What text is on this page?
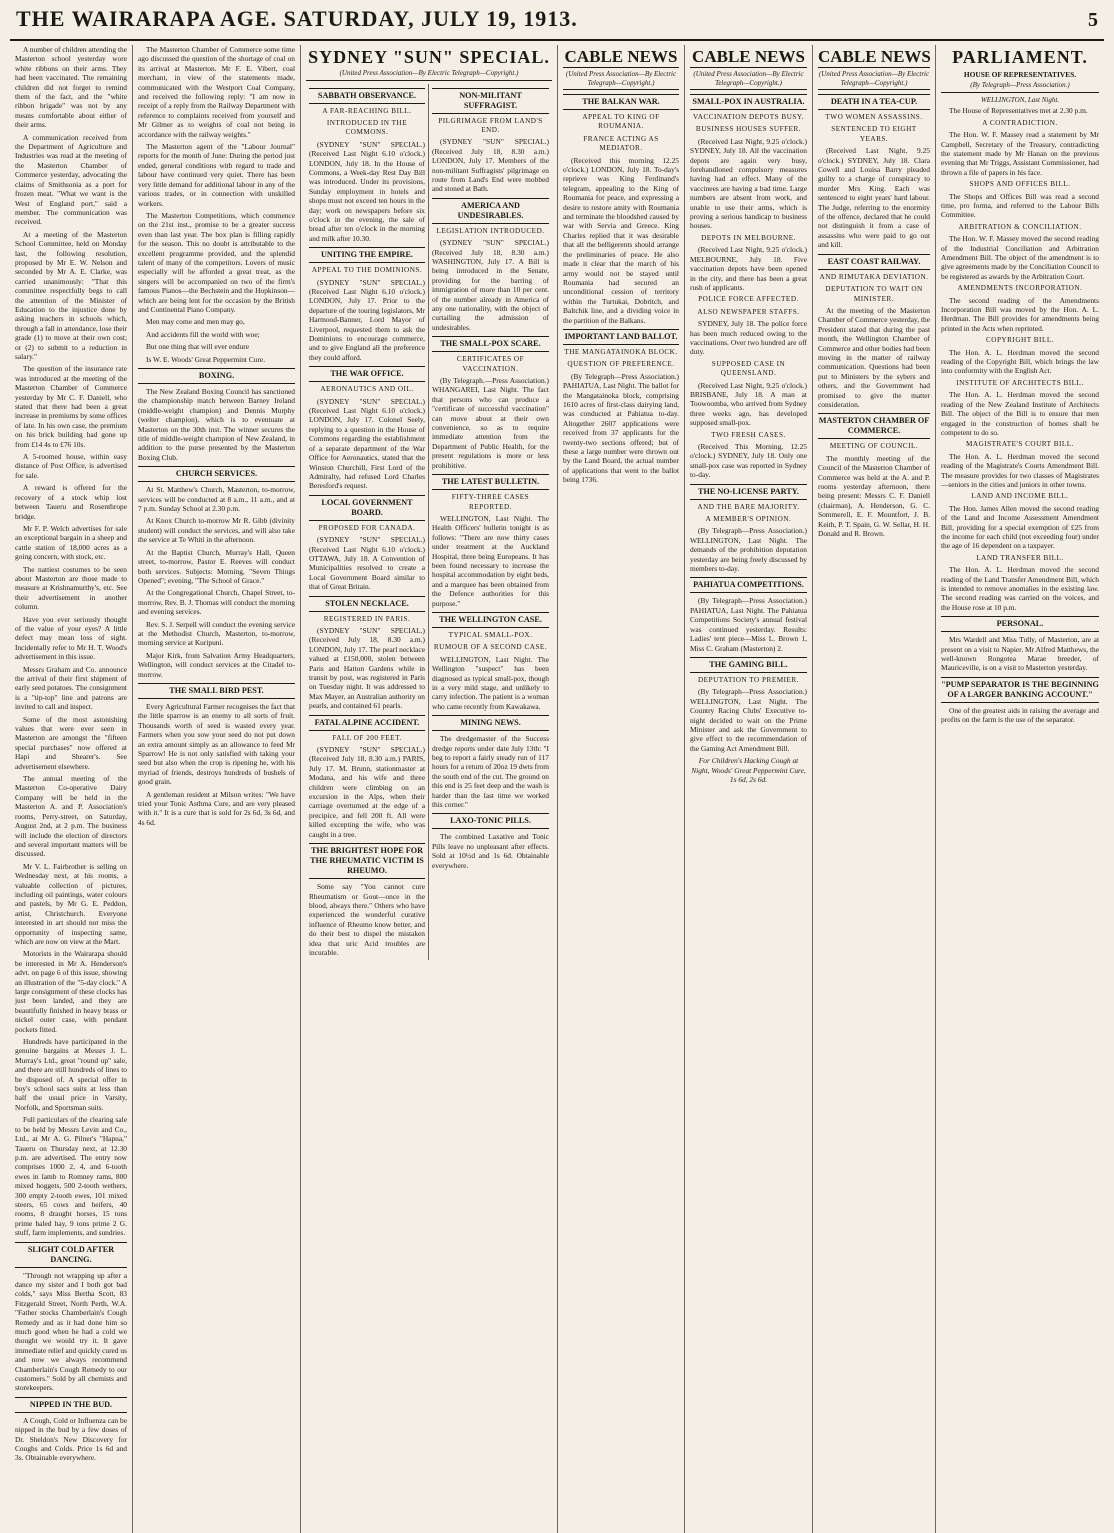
THE WAIRARAPA AGE. SATURDAY, JULY 19, 1913.	5

A number of children attending the Masterton school yesterday wore white ribbons on their arms. They had been vaccinated. The remaining children did not forget to remind them of the fact, and the "white ribbon brigade" was not by any means comfortable about either of their arms.

A communication received from the Department of Agriculture and Industries was read at the meeting of the Masterton Chamber of Commerce yesterday, advocating the claims of Smithsonia as a port for frozen meat. "What we want is the West of England port," said a member. The communication was received.

At a meeting of the Masterton School Committee, held on Monday last, the following resolution, proposed by Mr E. W. Nelson and seconded by Mr A. E. Clarke, was carried unanimously: "That this committee respectfully begs to call the attention of the Minister of Education to the injustice done by asking teachers in schools which, through a fall in attendance, lose their grade (1) to move at their own cost; or (2) to submit to a reduction in salary."

The question of the insurance rate was introduced at the meeting of the Masterton Chamber of Commerce yesterday by Mr C. F. Daniell, who stated that there had been a great increase in premiums by some offices of late. In his own case, the premium on his brick building had gone up from £14 4s to £76 10s.

A 5-roomed house, within easy distance of Post Office, is advertised for sale.

A reward is offered for the recovery of a stock whip lost between Taueru and Rosenthrope bridge.

Mr F. P. Welch advertises for sale an exceptional bargain in a sheep and cattle station of 18,000 acres as a going concern, with stock, etc.

The nattiest costumes to be seen about Masterton are those made to measure at Krishnamurthy's, etc. See their advertisement in another column.

Have you ever seriously thought of the value of your eyes? A little defect may mean loss of sight. Incidentally refer to Mr H. T. Wood's advertisement in this issue.

Messrs Graham and Co. announce the arrival of their first shipment of early seed potatoes. The consignment is a "tip-top" line and patrons are invited to call and inspect.

Some of the most astonishing values that were ever seen in Masterton are amongst the "fifteen special purchases" now offered at Hapi and Shearer's. See advertisement elsewhere.

The annual meeting of the Masterton Co-operative Dairy Company will be held in the Masterton A. and P. Association's rooms, Perry-street, on Saturday, August 2nd, at 2 p.m. The business will include the election of directors and several important matters will be discussed.

Mr V. L. Fairbrother is selling on Wednesday next, at his rooms, a valuable collection of pictures, including oil paintings, water colours and pastels, by Mr G. E. Peddon, artist, Christchurch. Everyone interested in art should not miss the opportunity of inspecting same, which are now on view at the Mart.

Motorists in the Wairarapa should be interested in Mr A. Henderson's advt. on page 6 of this issue, showing an illustration of the "5-day clock." A large consignment of these clocks has just been landed, and they are beautifully finished in heavy brass or nickel outer case, with pendant pockets fitted.

Hundreds have participated in the genuine bargains at Messrs J. L. Murray's Ltd., great "round up" sale, and there are still hundreds of lines to be disposed of. A special offer in boy's school sacs suits at less than half the usual price in Varsity, Norfolk, and Sportsman suits.

Full particulars of the clearing sale to be held by Messrs Levin and Co., Ltd., at Mr A. G. Pilner's "Hapua," Taueru on Thursday next, at 12.30 p.m. are advertised. The entry now comprises 1000 2, 4, and 6-tooth ewes in lamb to Romney rams, 800 mixed hoggets, 500 2-tooth wethers, 300 empty 2-tooth ewes, 101 mixed steers, 65 cows and heifers, 40 rooms, 8 draught horses, 15 tons prime baled hay, 9 tons prime 2 G. stuff, farm implements, and sundries.

SLIGHT COLD AFTER DANCING.

"Through not wrapping up after a dance my sister and I both got bad colds," says Miss Bertha Scott, 83 Fitzgerald Street, North Perth, W.A. "Father stocks Chamberlain's Cough Remedy and as it had done him so much good when he had a cold we thought we would try it. It gave immediate relief and quickly cured us and now we always recommend Chamberlain's Cough Remedy to our customers." Sold by all chemists and storekeepers.

NIPPED IN THE BUD.

A Cough, Cold or Influenza can be nipped in the bud by a few doses of Dr. Sheldon's New Discovery for Coughs and Colds. Price 1s 6d and 3s. Obtainable everywhere.

The Masterton Chamber of Commerce some time ago discussed the question of the shortage of coal on its arrival at Masterton. Mr F. E. Vibert, coal merchant, in view of the statements made, communicated with the Westport Coal Company, and received the following reply: "I am now in receipt of a reply from the Railway Department with reference to complaints received from yourself and Mr Gilmer as to weights of coal not being in accordance with the railway weights."

The Masterton agent of the "Labour Journal" reports for the month of June: During the period just ended, general conditions with regard to trade and labour have continued very quiet. There has been very little demand for additional labour in any of the various trades, or in connection with unskilled workers.

The Masterton Competitions, which commence on the 21st inst., promise to be a greater success even than last year. The box plan is filling rapidly for the season. This no doubt is attributable to the excellent programme provided, and the splendid talent of many of the competitors. Lovers of music especially will be afforded a great treat, as the singers will be accompanied on two of the firm's famous Pianos—the Bechstein and the Hopkinson—which are being lent for the occasion by the British and Continental Piano Company.

Men may come and men may go,

And accidents fill the world with woe;

But one thing that will ever endure

Is W. E. Woods' Great Peppermint Cure.

BOXING.

The New Zealand Boxing Council has sanctioned the championship match between Barney Ireland (middle-weight champion) and Dennis Murphy (welter champion), which is to eventuate at Masterton on the 30th inst. The winner secures the title of middle-weight champion of New Zealand, in addition to the purse presented by the Masterton Boxing Club.

CHURCH SERVICES.

At St. Matthew's Church, Masterton, to-morrow, services will be conducted at 8 a.m., 11 a.m., and at 7 p.m. Sunday School at 2.30 p.m.

At Knox Church to-morrow Mr R. Gibb (divinity student) will conduct the services, and will also take the service at Te Whiti in the afternoon.

At the Baptist Church, Murray's Hall, Queen street, to-morrow, Pastor E. Reeves will conduct both services. Subjects: Morning, "Seven Things Opened"; evening, "The School of Grace."

At the Congregational Church, Chapel Street, to-morrow, Rev. B. J. Thomas will conduct the morning and evening services.

Rev. S. J. Serpell will conduct the evening service at the Methodist Church, Masterton, to-morrow, morning service at Kuripuni.

Major Kirk, from Salvation Army Headquarters, Wellington, will conduct services at the Citadel to-morrow.

THE SMALL BIRD PEST.

Every Agricultural Farmer recognises the fact that the little sparrow is an enemy to all sorts of fruit. Thousands worth of seed is wasted every year. Farmers when you sow your seed do not put down an extra amount simply as an allowance to feed Mr Sparrow! He is not only satisfied with taking your seed but also when the crop is ripening he, with his myriad of friends, destroys hundreds of bushels of good grain.

A gentleman resident at Milson writes: "We have tried your Tonic Asthma Cure, and are very pleased with it." It is a cure that is sold for 2s 6d, 3s 6d, and 4s 6d.

SYDNEY "SUN" SPECIAL.
(United Press Association—By Electric Telegraph—Copyright.)
SABBATH OBSERVANCE.
A FAR-REACHING BILL.
INTRODUCED IN THE COMMONS.

(SYDNEY "SUN" SPECIAL.) (Received Last Night 6.10 o'clock.) LONDON, July 18. In the House of Commons, a Week-day Rest Day Bill was introduced. Under its provisions, Sunday employment in hotels and shops must not exceed ten hours in the day; work on newspapers before six o'clock in the evening, the sale of bread after ten o'clock in the morning and milk after 10.30.

UNITING THE EMPIRE.
APPEAL TO THE DOMINIONS.

(SYDNEY "SUN" SPECIAL.) (Received Last Night 6.10 o'clock.) LONDON, July 17. Prior to the departure of the touring legislators, Mr Harmood-Banner, Lord Mayor of Liverpool, requested them to ask the Dominions to encourage commerce, and to give England all the preference they could afford.

THE WAR OFFICE.
AERONAUTICS AND OIL.

(SYDNEY "SUN" SPECIAL.) (Received Last Night 6.10 o'clock.) LONDON, July 17. Colonel Seely, replying to a question in the House of Commons regarding the establishment of a separate department of the War Office for Aeronautics, stated that the Winston Churchill, First Lord of the Admiralty, had refused Lord Charles Beresford's request.

LOCAL GOVERNMENT BOARD.
PROPOSED FOR CANADA.

(SYDNEY "SUN" SPECIAL.) (Received Last Night 6.10 o'clock.) OTTAWA, July 18. A Convention of Municipalities resolved to create a Local Government Board similar to that of Great Britain.

STOLEN NECKLACE.
REGISTERED IN PARIS.

(SYDNEY "SUN" SPECIAL.) (Received July 18, 8.30 a.m.) LONDON, July 17. The pearl necklace valued at £150,000, stolen between Paris and Hatton Gardens while in transit by post, was registered in Paris on Tuesday night. It was addressed to Max Mayer, an Australian authority on pearls, and contained 61 pearls.

FATAL ALPINE ACCIDENT.
FALL OF 200 FEET.

(SYDNEY "SUN" SPECIAL.) (Received July 18, 8.30 a.m.) PARIS, July 17. M. Brunn, stationmaster at Modana, and his wife and three children were climbing on an excursion in the Alps, when their carriage overturned at the edge of a precipice, and fell 200 ft. All were killed excepting the wife, who was caught in a tree.

THE BRIGHTEST HOPE FOR THE RHEUMATIC VICTIM IS RHEUMO.

Some say "You cannot cure Rheumatism or Gout—once in the blood, always there." Others who have experienced the wonderful curative influence of Rheumo know better, and do their best to dispel the mistaken idea that uric Acid troubles are incurable.

NON-MILITANT SUFFRAGIST.
PILGRIMAGE FROM LAND'S END.

(SYDNEY "SUN" SPECIAL.) (Received July 18, 8.30 a.m.) LONDON, July 17. Members of the non-militant Suffragists' pilgrimage en route from Land's End were mobbed and stoned at Bath.

AMERICA AND UNDESIRABLES.
LEGISLATION INTRODUCED.

(SYDNEY "SUN" SPECIAL.) (Received July 18, 8.30 a.m.) WASHINGTON, July 17. A Bill is being introduced in the Senate, providing for the barring of immigration of more than 10 per cent. of the number already in America of any one nationality, with the object of curtailing the admission of undesirables.

THE SMALL-POX SCARE.
CERTIFICATES OF VACCINATION.

(By Telegraph.—Press Association.) WHANGAREI, Last Night. The fact that persons who can produce a "certificate of successful vaccination" can move about at their own convenience, so as to require immediate attention from the Department of Public Health, for the present regulations is more or less prohibitive.

THE LATEST BULLETIN.
FIFTY-THREE CASES REPORTED.

WELLINGTON, Last Night. The Health Officers' bulletin tonight is as follows: "There are now thirty cases under treatment at the Auckland Hospital, three being Europeans. It has been found necessary to increase the hospital accommodation by eight beds, and a marquee has been obtained from the Defence authorities for this purpose."

THE WELLINGTON CASE.
TYPICAL SMALL-POX.
RUMOUR OF A SECOND CASE.

WELLINGTON, Last Night. The Wellington "suspect" has been diagnosed as typical small-pox, though in a very mild stage, and unlikely to carry infection. The patient is a woman who came recently from Kawakawa.

MINING NEWS.

The dredgemaster of the Success dredge reports under date July 13th: "I beg to report a fairly steady run of 117 hours for a return of 20oz 19 dwts from the south end of the cut. The ground on this end is 25 feet deep and the wash is harder than the last time we worked this corner."

LAXO-TONIC PILLS.

The combined Laxative and Tonic Pills leave no unpleasant after effects. Sold at 10½d and 1s 6d. Obtainable everywhere.

CABLE NEWS
(United Press Association—By Electric Telegraph—Copyright.)
THE BALKAN WAR.
APPEAL TO KING OF ROUMANIA.
FRANCE ACTING AS MEDIATOR.

(Received this morning 12.25 o'clock.) LONDON, July 18. To-day's reprieve was King Ferdinand's telegram, appealing to the King of Roumania for peace, and expressing a desire to restore amity with Roumania and terminate the bloodshed caused by war with Servia and Greece. King Charles replied that it was desirable that all the belligerents should arrange the preliminaries of peace. He also made it clear that the march of his army would not be stayed until Roumania had secured an unconditional cession of territory within the Turtukai, Dobritch, and Baltchik line, and a dividing voice in the partition of the Balkans.

IMPORTANT LAND BALLOT.
THE MANGATAINOKA BLOCK.
QUESTION OF PREFERENCE.

(By Telegraph—Press Association.) PAHIATUA, Last Night. The ballot for the Mangatainoka block, comprising 1610 acres of first-class dairying land, was conducted at Pahiatua to-day. Altogether 2607 applications were received from 37 applicants for the twenty-two sections offered; but of these a large number were thrown out by the Land Board, the actual number of applications that went to the ballot being 1736.

CABLE NEWS
(United Press Association—By Electric Telegraph—Copyright.)
SMALL-POX IN AUSTRALIA.
VACCINATION DEPOTS BUSY.
BUSINESS HOUSES SUFFER.

(Received Last Night, 9.25 o'clock.) SYDNEY, July 18. All the vaccination depots are again very busy, forehandloned compulsory measures having had an effect. Many of the vaccinees are having a bad time. Large numbers are absent from work, and unable to use their arms, which is proving a serious handicap to business houses.

DEPOTS IN MELBOURNE.

(Received Last Night, 9.25 o'clock.) MELBOURNE, July 18. Five vaccination depots have been opened in the city, and there has been a great rush of applicants.

POLICE FORCE AFFECTED.
ALSO NEWSPAPER STAFFS.

SYDNEY, July 18. The police force has been much reduced owing to the vaccinations. Over two hundred are off duty.

SUPPOSED CASE IN QUEENSLAND.

(Received Last Night, 9.25 o'clock.) BRISBANE, July 18. A man at Toowoomba, who arrived from Sydney three weeks ago, has developed supposed small-pox.

TWO FRESH CASES.

(Received This Morning, 12.25 o'clock.) SYDNEY, July 18. Only one small-pox case was reported in Sydney to-day.

THE NO-LICENSE PARTY.
AND THE BARE MAJORITY.
A MEMBER'S OPINION.

(By Telegraph—Press Association.) WELLINGTON, Last Night. The demands of the prohibition deputation yesterday are being freely discussed by members to-day.

PAHIATUA COMPETITIONS.

(By Telegraph—Press Association.) PAHIATUA, Last Night. The Pahiatua Competitions Society's annual festival was continued yesterday. Results: Ladies' tent piece—Miss L. Brown 1, Miss C. Graham (Masterton) 2.

THE GAMING BILL.
DEPUTATION TO PREMIER.

(By Telegraph—Press Association.) WELLINGTON, Last Night. The Country Racing Clubs' Executive to-night decided to wait on the Prime Minister and ask the Government to give effect to the recommendation of the Gaming Act Amendment Bill.

For Children's Hacking Cough at Night, Woods' Great Peppermint Cure, 1s 6d, 2s 6d.

CABLE NEWS
(United Press Association—By Electric Telegraph—Copyright.)
DEATH IN A TEA-CUP.
TWO WOMEN ASSASSINS.
SENTENCED TO EIGHT YEARS.

(Received Last Night, 9.25 o'clock.) SYDNEY, July 18. Clara Cowell and Louisa Barry pleaded guilty to a charge of conspiracy to murder Mrs King. Each was sentenced to eight years' hard labour. The Judge, referring to the enormity of the offence, declared that he could not distinguish it from a case of assassins who were paid to go out and kill.

EAST COAST RAILWAY.
AND RIMUTAKA DEVIATION.
DEPUTATION TO WAIT ON MINISTER.

At the meeting of the Masterton Chamber of Commerce yesterday, the President stated that during the past month, the Wellington Chamber of Commerce and other bodies had been moving in the matter of railway communication. Questions had been put to Ministers by the sybers and others, and the Government had promised to give the matter consideration.

MASTERTON CHAMBER OF COMMERCE.
MEETING OF COUNCIL.

The monthly meeting of the Council of the Masterton Chamber of Commerce was held at the A. and P. rooms yesterday afternoon, there being present: Messrs C. F. Daniell (chairman), A. Henderson, G. C. Sommerell, E. F. Mountfort, J. B. Keith, P. T. Spain, G. W. Sellar, H. H. Donald and R. Brown.

PARLIAMENT.
HOUSE OF REPRESENTATIVES.
(By Telegraph—Press Association.)
WELLINGTON, Last Night.

The House of Representatives met at 2.30 p.m.

A CONTRADICTION.

The Hon. W. F. Massey read a statement by Mr Campbell, Secretary of the Treasury, contradicting the statement made by Mr Hanan on the previous evening that Mr Triggs, Assistant Commissioner, had thrown a file of papers in his face.

SHOPS AND OFFICES BILL.

The Shops and Offices Bill was read a second time, pro forma, and referred to the Labour Bills Committee.

ARBITRATION & CONCILIATION.

The Hon. W. F. Massey moved the second reading of the Industrial Conciliation and Arbitration Amendment Bill. The object of the amendment is to give agreements made by the Conciliation Council to be registered as awards by the Arbitration Court.

AMENDMENTS INCORPORATION.

The second reading of the Amendments Incorporation Bill was moved by the Hon. A. L. Herdman. The Bill provides for amendments being printed in the Acts when reprinted.

COPYRIGHT BILL.

The Hon. A. L. Herdman moved the second reading of the Copyright Bill, which brings the law into conformity with the English Act.

INSTITUTE OF ARCHITECTS BILL.

The Hon. A. L. Herdman moved the second reading of the New Zealand Institute of Architects Bill. The object of the Bill is to ensure that men engaged in the construction of homes shall be competent to do so.

MAGISTRATE'S COURT BILL.

The Hon. A. L. Herdman moved the second reading of the Magistrate's Courts Amendment Bill. The measure provides for two classes of Magistrates—seniors in the cities and juniors in other towns.

LAND AND INCOME BILL.

The Hon. James Allen moved the second reading of the Land and Income Assessment Amendment Bill, providing for a special exemption of £25 from the income for each child (not exceeding four) under the age of 16 dependent on a taxpayer.

LAND TRANSFER BILL.

The Hon. A. L. Herdman moved the second reading of the Land Transfer Amendment Bill, which is intended to remove anomalies in the existing law. The second reading was carried on the voices, and the House rose at 10 p.m.

PERSONAL.

Mrs Wardell and Miss Tully, of Masterton, are at present on a visit to Napier. Mr Alfred Matthews, the well-known Rongotea Marae breeder, of Mauriceville, is on a visit to Masterton yesterday.

"PUMP SEPARATOR IS THE BEGINNING OF A LARGER BANKING ACCOUNT."

One of the greatest aids in raising the average and profits on the farm is the use of the separator.
